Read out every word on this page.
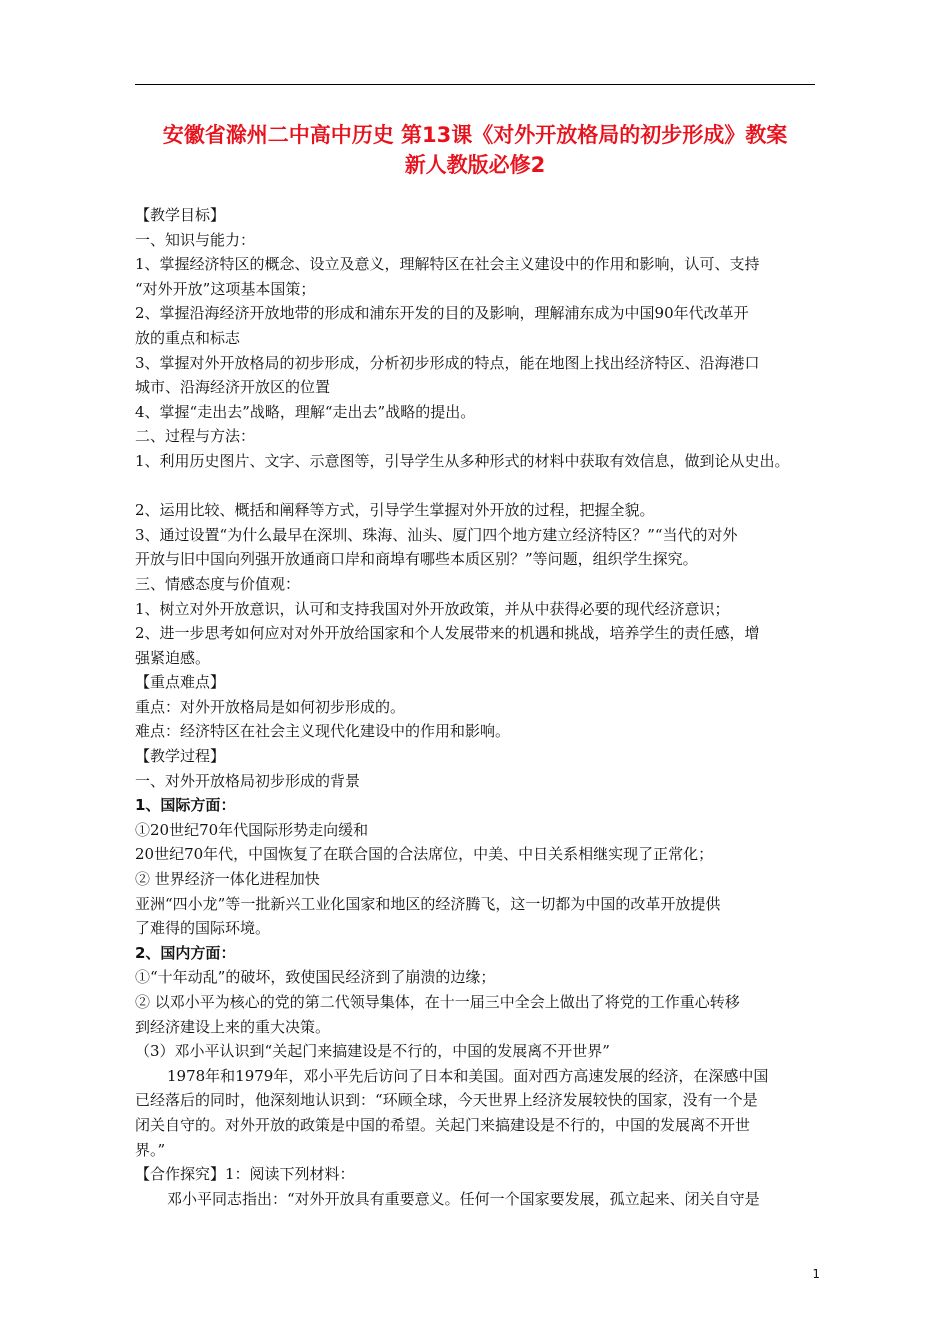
安徽省滁州二中高中历史 第13课《对外开放格局的初步形成》教案
新人教版必修2

【教学目标】

一、知识与能力：

1、掌握经济特区的概念、设立及意义，理解特区在社会主义建设中的作用和影响，认可、支持

“对外开放”这项基本国策；

2、掌握沿海经济开放地带的形成和浦东开发的目的及影响，理解浦东成为中国90年代改革开

放的重点和标志

3、掌握对外开放格局的初步形成，分析初步形成的特点，能在地图上找出经济特区、沿海港口

城市、沿海经济开放区的位置

4、掌握“走出去”战略，理解“走出去”战略的提出。

二、过程与方法：

1、利用历史图片、文字、示意图等，引导学生从多种形式的材料中获取有效信息，做到论从史出。

2、运用比较、概括和阐释等方式，引导学生掌握对外开放的过程，把握全貌。

3、通过设置“为什么最早在深圳、珠海、汕头、厦门四个地方建立经济特区？”“当代的对外

开放与旧中国向列强开放通商口岸和商埠有哪些本质区别？”等问题，组织学生探究。

三、情感态度与价值观：

1、树立对外开放意识，认可和支持我国对外开放政策，并从中获得必要的现代经济意识；

2、进一步思考如何应对对外开放给国家和个人发展带来的机遇和挑战，培养学生的责任感，增

强紧迫感。

【重点难点】

重点：对外开放格局是如何初步形成的。

难点：经济特区在社会主义现代化建设中的作用和影响。

【教学过程】

一、对外开放格局初步形成的背景

1、国际方面：

①20世纪70年代国际形势走向缓和

20世纪70年代，中国恢复了在联合国的合法席位，中美、中日关系相继实现了正常化；

② 世界经济一体化进程加快

亚洲“四小龙”等一批新兴工业化国家和地区的经济腾飞，这一切都为中国的改革开放提供

了难得的国际环境。

2、国内方面：

①“十年动乱”的破坏，致使国民经济到了崩溃的边缘；

② 以邓小平为核心的党的第二代领导集体，在十一届三中全会上做出了将党的工作重心转移

到经济建设上来的重大决策。

（3）邓小平认识到“关起门来搞建设是不行的，中国的发展离不开世界”

1978年和1979年，邓小平先后访问了日本和美国。面对西方高速发展的经济，在深感中国

已经落后的同时，他深刻地认识到：“环顾全球，今天世界上经济发展较快的国家，没有一个是

闭关自守的。对外开放的政策是中国的希望。关起门来搞建设是不行的，中国的发展离不开世

界。”

【合作探究】1：阅读下列材料：

邓小平同志指出：“对外开放具有重要意义。任何一个国家要发展，孤立起来、闭关自守是

1
